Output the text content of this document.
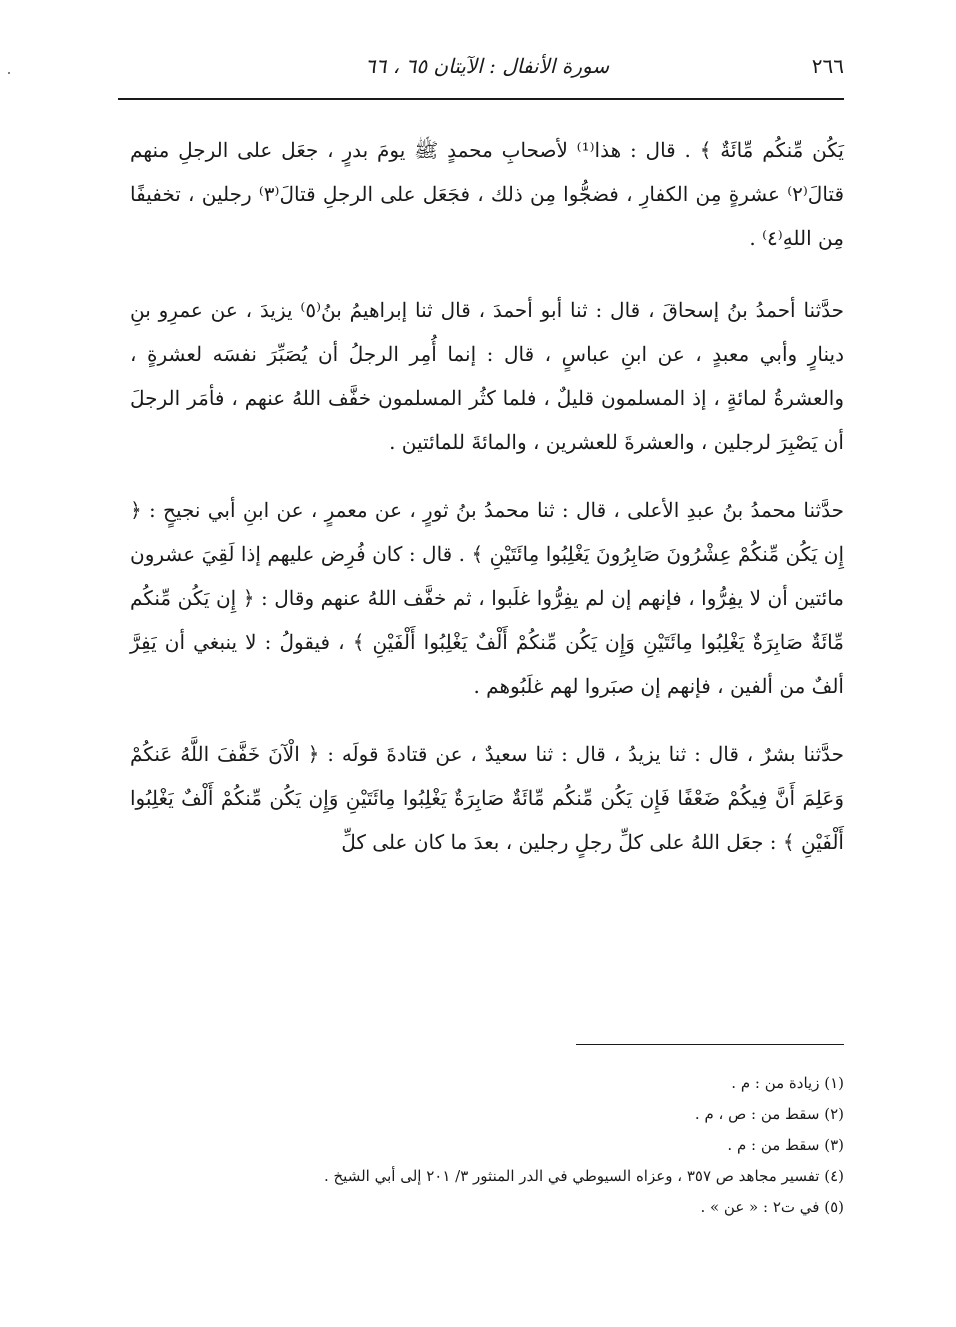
٢٦٦
سورة الأنفال : الآيتان ٦٥ ، ٦٦

يَكُن مِّنكُم مِّائَةٌ ﴾ . قال : هذا⁽¹⁾ لأصحابِ محمدٍ ﷺ يومَ بدرٍ ، جعَل على الرجلِ منهم قتالَ⁽٢⁾ عشرةٍ مِن الكفارِ ، فضجُّوا مِن ذلك ، فجَعَل على الرجلِ قتالَ⁽٣⁾ رجلين ، تخفيفًا مِن اللهِ⁽٤⁾ .

حدَّثنا أحمدُ بنُ إسحاقَ ، قال : ثنا أبو أحمدَ ، قال ثنا إبراهيمُ بنُ⁽٥⁾ يزيدَ ، عن عمرِو بنِ دينارٍ وأبي معبدٍ ، عن ابنِ عباسٍ ، قال : إنما أُمِر الرجلُ أن يُصَبِّرَ نفسَه لعشرةٍ ، والعشرةُ لمائةٍ ، إذ المسلمون قليلٌ ، فلما كثُر المسلمون خفَّف اللهُ عنهم ، فأمَر الرجلَ أن يَصْبِرَ لرجلين ، والعشرةَ للعشرين ، والمائةَ للمائتين .

حدَّثنا محمدُ بنُ عبدِ الأعلى ، قال : ثنا محمدُ بنُ ثورٍ ، عن معمرٍ ، عن ابنِ أبي نجيحٍ : ﴿ إِن يَكُن مِّنكُمْ عِشْرُونَ صَابِرُونَ يَغْلِبُوا مِائَتَيْنِ ﴾ . قال : كان فُرِض عليهم إذا لَقِيَ عشرون مائتين أن لا يفِرُّوا ، فإنهم إن لم يفِرُّوا غلَبوا ، ثم خفَّف اللهُ عنهم وقال : ﴿ إِن يَكُن مِّنكُم مِّائَةٌ صَابِرَةٌ يَغْلِبُوا مِائَتَيْنِ وَإِن يَكُن مِّنكُمْ أَلْفٌ يَغْلِبُوا أَلْفَيْنِ ﴾ ، فيقولُ : لا ينبغي أن يَفِرَّ ألفٌ من ألفين ، فإنهم إن صبَروا لهم غلَبُوهم .

حدَّثنا بشرٌ ، قال : ثنا يزيدُ ، قال : ثنا سعيدٌ ، عن قتادةَ قولَه : ﴿ الْآنَ خَفَّفَ اللَّهُ عَنكُمْ وَعَلِمَ أَنَّ فِيكُمْ ضَعْفًا فَإِن يَكُن مِّنكُم مِّائَةٌ صَابِرَةٌ يَغْلِبُوا مِائَتَيْنِ وَإِن يَكُن مِّنكُمْ أَلْفٌ يَغْلِبُوا أَلْفَيْنِ ﴾ : جعَل اللهُ على كلِّ رجلٍ رجلين ، بعدَ ما كان على كلِّ

(١) زيادة من : م .

(٢) سقط من : ص ، م .

(٣) سقط من : م .

(٤) تفسير مجاهد ص ٣٥٧ ، وعزاه السيوطي في الدر المنثور ٣/ ٢٠١ إلى أبي الشيخ .

(٥) في ت٢ : « عن » .
